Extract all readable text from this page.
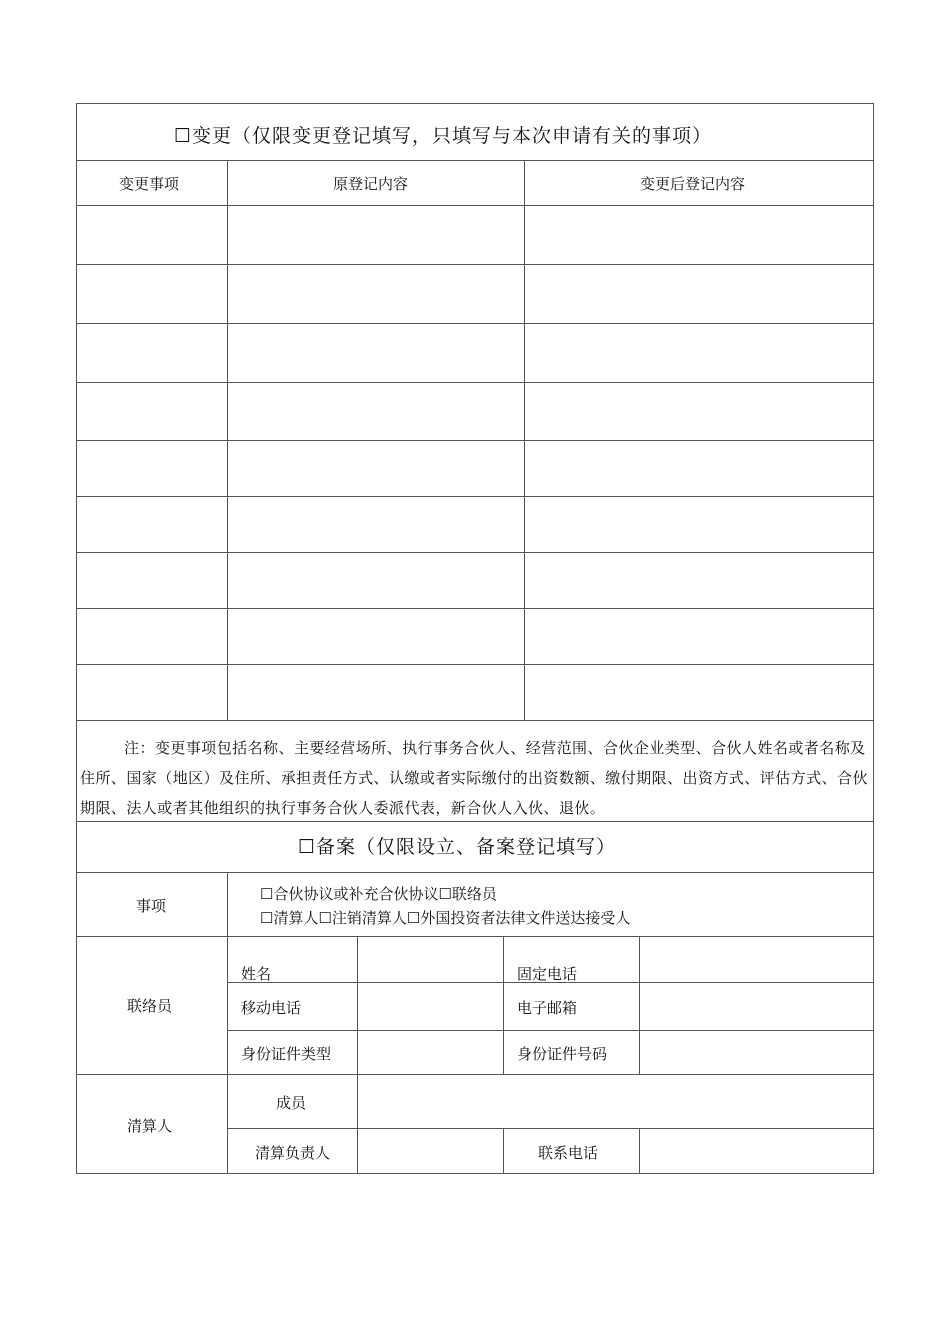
☐变更（仅限变更登记填写，只填写与本次申请有关的事项）
变更事项	原登记内容	变更后登记内容
注：变更事项包括名称、主要经营场所、执行事务合伙人、经营范围、合伙企业类型、合伙人姓名或者名称及住所、国家（地区）及住所、承担责任方式、认缴或者实际缴付的出资数额、缴付期限、出资方式、评估方式、合伙期限、法人或者其他组织的执行事务合伙人委派代表，新合伙人入伙、退伙。
☐备案（仅限设立、备案登记填写）
事项
☐合伙协议或补充合伙协议☐联络员
☐清算人☐注销清算人☐外国投资者法律文件送达接受人
联络员
姓名	固定电话
移动电话	电子邮箱
身份证件类型	身份证件号码
清算人
成员
清算负责人	联系电话
